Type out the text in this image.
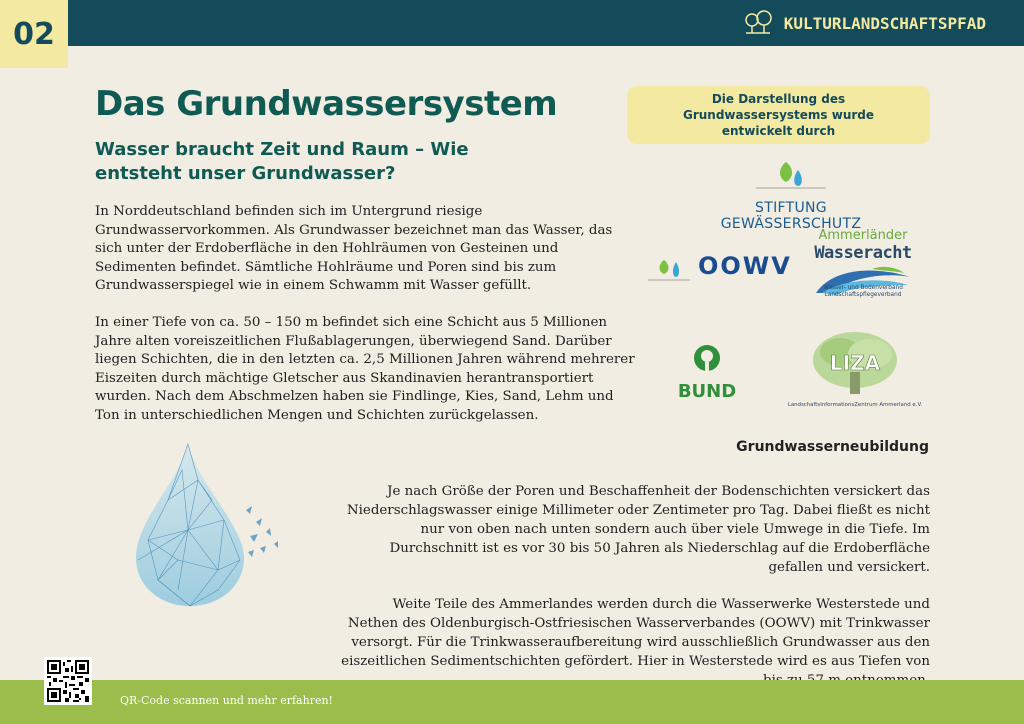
KULTURLANDSCHAFTSPFAD
02
Das Grundwassersystem
Wasser braucht Zeit und Raum – Wie entsteht unser Grundwasser?

In Norddeutschland befinden sich im Untergrund riesige Grundwasservorkommen. Als Grundwasser bezeichnet man das Wasser, das sich unter der Erdoberfläche in den Hohlräumen von Gesteinen und Sedimenten befindet. Sämtliche Hohlräume und Poren sind bis zum Grundwasserspiegel wie in einem Schwamm mit Wasser gefüllt.

In einer Tiefe von ca. 50 – 150 m befindet sich eine Schicht aus 5 Millionen Jahre alten voreiszeitlichen Flußablagerungen, überwiegend Sand. Darüber liegen Schichten, die in den letzten ca. 2,5 Millionen Jahren während mehrerer Eiszeiten durch mächtige Gletscher aus Skandinavien herantransportiert wurden. Nach dem Abschmelzen haben sie Findlinge, Kies, Sand, Lehm und Ton in unterschiedlichen Mengen und Schichten zurückgelassen.

Die Darstellung des Grundwassersystems wurde entwickelt durch
STIFTUNG GEWÄSSERSCHUTZ
OOWV
Ammerländer
Wasseracht
Wasser- und Bodenverband Landschaftspflegeverband
BUND
LIZA
LandschaftsInformationsZentrum Ammerland e.V.
Grundwasserneubildung

Je nach Größe der Poren und Beschaffenheit der Bodenschichten versickert das Niederschlagswasser einige Millimeter oder Zentimeter pro Tag. Dabei fließt es nicht nur von oben nach unten sondern auch über viele Umwege in die Tiefe. Im Durchschnitt ist es vor 30 bis 50 Jahren als Niederschlag auf die Erdoberfläche gefallen und versickert.

Weite Teile des Ammerlandes werden durch die Wasserwerke Westerstede und Nethen des Oldenburgisch-Ostfriesischen Wasserverbandes (OOWV) mit Trinkwasser versorgt. Für die Trinkwasseraufbereitung wird ausschließlich Grundwasser aus den eiszeitlichen Sedimentschichten gefördert. Hier in Westerstede wird es aus Tiefen von

QR-Code scannen und mehr erfahren!
